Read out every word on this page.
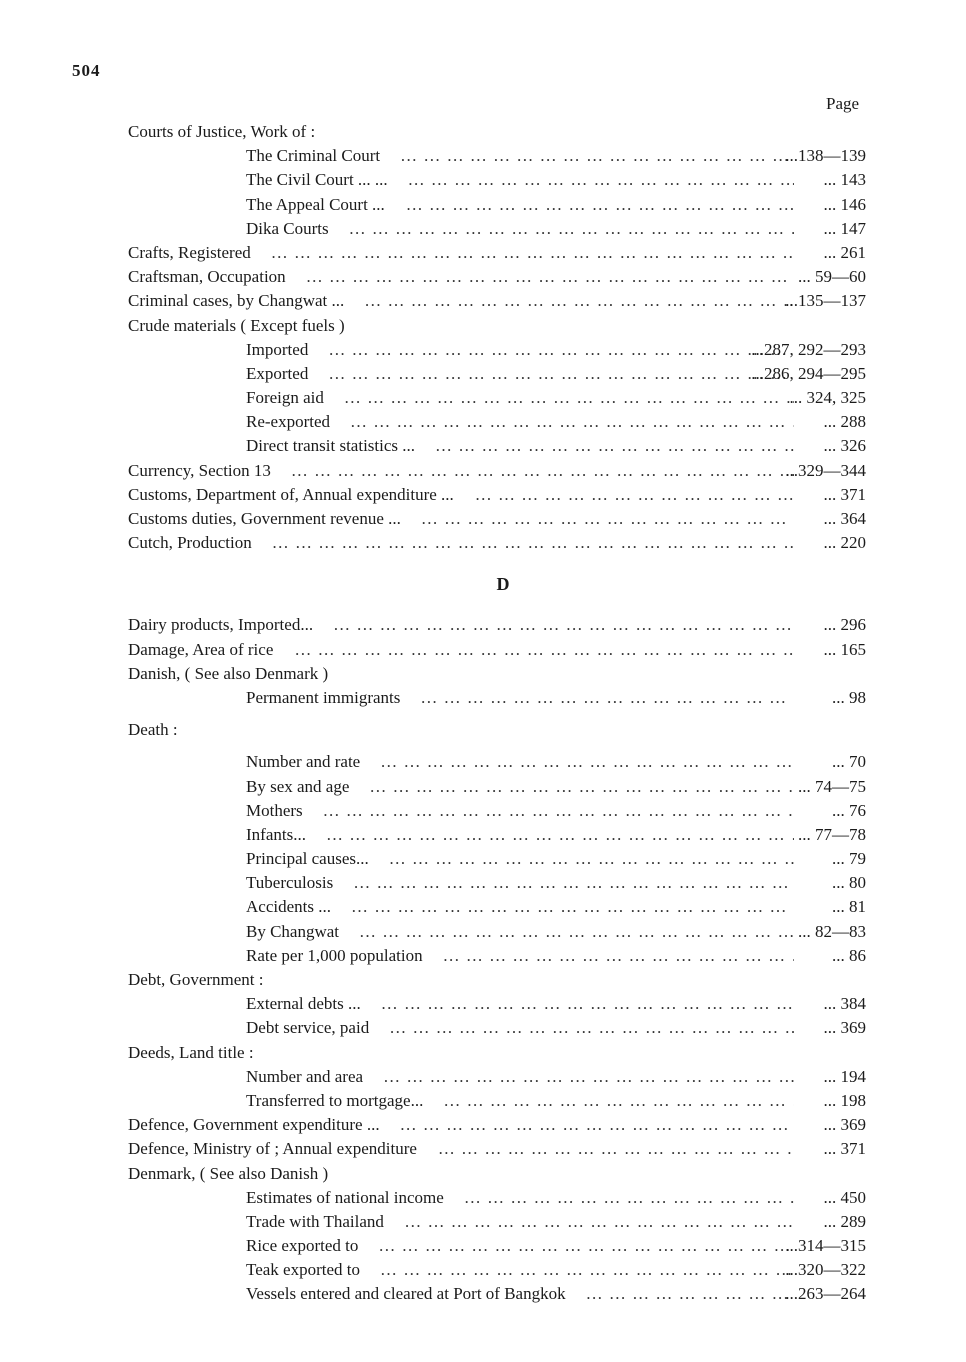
504
Page
Courts of Justice, Work of :
The Criminal Court … … … … … … … … … … … … … … … … … … … … … … … … … … … … … … … … … …	...138—139
The Civil Court ... ... … … … … … … … … … … … … … … … … … … … … … … … … … … … … … … … … … …	... 143
The Appeal Court ... … … … … … … … … … … … … … … … … … … … … … … … … … … … … … … … … … …	... 146
Dika Courts … … … … … … … … … … … … … … … … … … … … … … … … … … … … … … … … … …	... 147
Crafts, Registered … … … … … … … … … … … … … … … … … … … … … … … … … … … … … … … … … …	... 261
Craftsman, Occupation … … … … … … … … … … … … … … … … … … … … … … … … … … … … … … … … … …	... 59—60
Criminal cases, by Changwat ... … … … … … … … … … … … … … … … … … … … … … … … … … … … … … … … … … …	...135—137
Crude materials ( Except fuels )
Imported … … … … … … … … … … … … … … … … … … … … … … … … … … … … … … … … … …	...287, 292—293
Exported … … … … … … … … … … … … … … … … … … … … … … … … … … … … … … … … … …	...286, 294—295
Foreign aid … … … … … … … … … … … … … … … … … … … … … … … … … … … … … … … … … …	... 324, 325
Re-exported … … … … … … … … … … … … … … … … … … … … … … … … … … … … … … … … … …	... 288
Direct transit statistics ... … … … … … … … … … … … … … … … … … … … … … … … … … … … … … … … … … …	... 326
Currency, Section 13 … … … … … … … … … … … … … … … … … … … … … … … … … … … … … … … … … …	...329—344
Customs, Department of, Annual expenditure ... … … … … … … … … … … … … … … … … … … … … … … … … … … … … … … … … … …	... 371
Customs duties, Government revenue ... … … … … … … … … … … … … … … … … … … … … … … … … … … … … … … … … … …	... 364
Cutch, Production … … … … … … … … … … … … … … … … … … … … … … … … … … … … … … … … … …	... 220
D
Dairy products, Imported... … … … … … … … … … … … … … … … … … … … … … … … … … … … … … … … … … …	... 296
Damage, Area of rice … … … … … … … … … … … … … … … … … … … … … … … … … … … … … … … … … …	... 165
Danish, ( See also Denmark )
Permanent immigrants … … … … … … … … … … … … … … … … … … … … … … … … … … … … … … … … … …	... 98
Death :
Number and rate … … … … … … … … … … … … … … … … … … … … … … … … … … … … … … … … … …	... 70
By sex and age … … … … … … … … … … … … … … … … … … … … … … … … … … … … … … … … … …	... 74—75
Mothers … … … … … … … … … … … … … … … … … … … … … … … … … … … … … … … … … …	... 76
Infants... … … … … … … … … … … … … … … … … … … … … … … … … … … … … … … … … … …	... 77—78
Principal causes... … … … … … … … … … … … … … … … … … … … … … … … … … … … … … … … … … …	... 79
Tuberculosis … … … … … … … … … … … … … … … … … … … … … … … … … … … … … … … … … …	... 80
Accidents ... … … … … … … … … … … … … … … … … … … … … … … … … … … … … … … … … … …	... 81
By Changwat … … … … … … … … … … … … … … … … … … … … … … … … … … … … … … … … … …	... 82—83
Rate per 1,000 population … … … … … … … … … … … … … … … … … … … … … … … … … … … … … … … … … …	... 86
Debt, Government :
External debts ... … … … … … … … … … … … … … … … … … … … … … … … … … … … … … … … … … …	... 384
Debt service, paid … … … … … … … … … … … … … … … … … … … … … … … … … … … … … … … … … …	... 369
Deeds, Land title :
Number and area … … … … … … … … … … … … … … … … … … … … … … … … … … … … … … … … … …	... 194
Transferred to mortgage... … … … … … … … … … … … … … … … … … … … … … … … … … … … … … … … … … …	... 198
Defence, Government expenditure ... … … … … … … … … … … … … … … … … … … … … … … … … … … … … … … … … … …	... 369
Defence, Ministry of ; Annual expenditure … … … … … … … … … … … … … … … … … … … … … … … … … … … … … … … … … …	... 371
Denmark, ( See also Danish )
Estimates of national income … … … … … … … … … … … … … … … … … … … … … … … … … … … … … … … … … …	... 450
Trade with Thailand … … … … … … … … … … … … … … … … … … … … … … … … … … … … … … … … … …	... 289
Rice exported to … … … … … … … … … … … … … … … … … … … … … … … … … … … … … … … … … …	...314—315
Teak exported to … … … … … … … … … … … … … … … … … … … … … … … … … … … … … … … … … …	...320—322
Vessels entered and cleared at Port of Bangkok … … … … … … … … … … … … … … … … … … … … … … … … … … … … … … … … … …	...263—264
